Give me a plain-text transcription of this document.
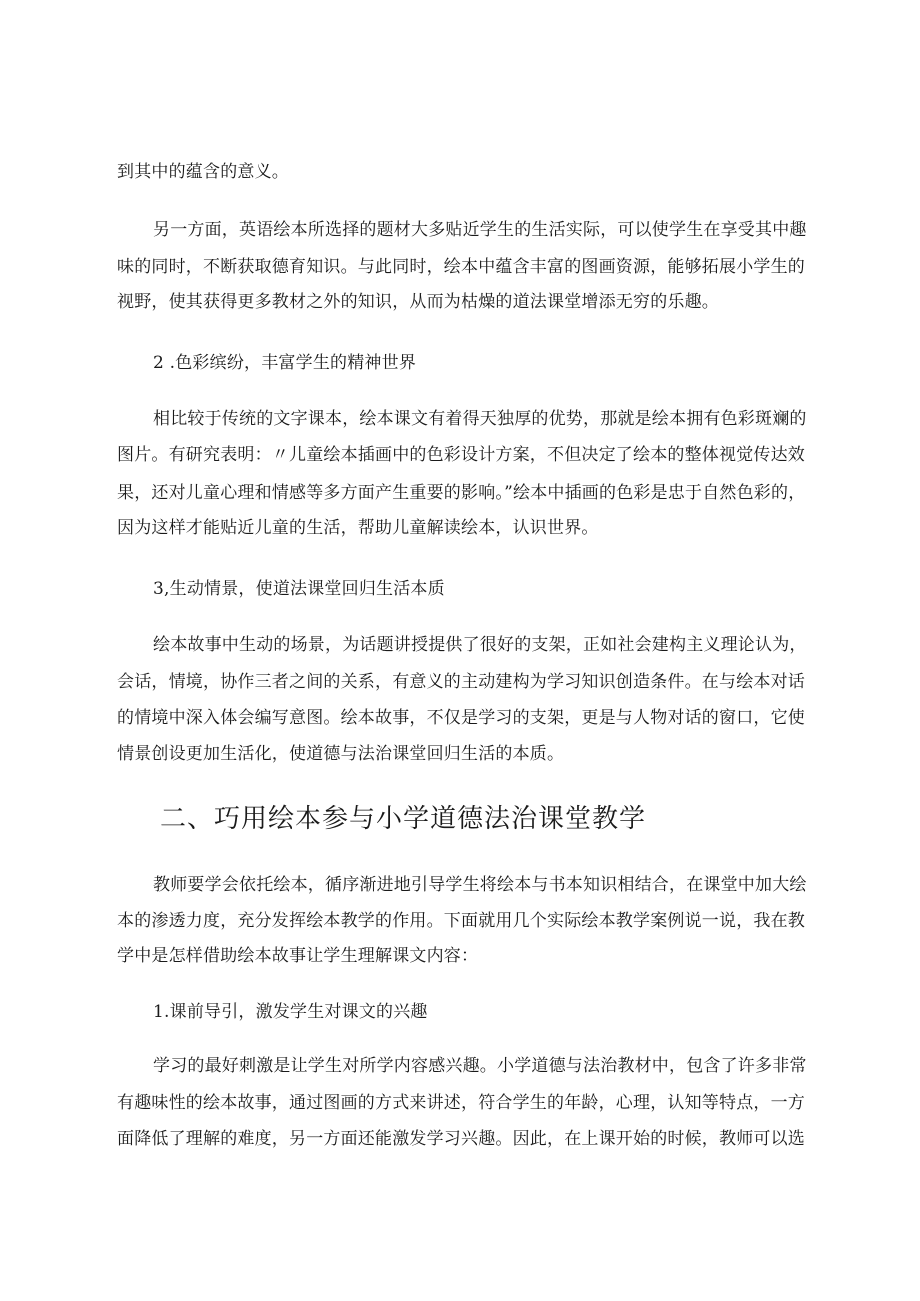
到其中的蕴含的意义。
另一方面，英语绘本所选择的题材大多贴近学生的生活实际，可以使学生在享受其中趣
味的同时，不断获取德育知识。与此同时，绘本中蕴含丰富的图画资源，能够拓展小学生的
视野，使其获得更多教材之外的知识，从而为枯燥的道法课堂增添无穷的乐趣。
2 .色彩缤纷，丰富学生的精神世界
相比较于传统的文字课本，绘本课文有着得天独厚的优势，那就是绘本拥有色彩斑斓的
图片。有研究表明：〃儿童绘本插画中的色彩设计方案，不但决定了绘本的整体视觉传达效
果，还对儿童心理和情感等多方面产生重要的影响。”绘本中插画的色彩是忠于自然色彩的，
因为这样才能贴近儿童的生活，帮助儿童解读绘本，认识世界。
3,生动情景，使道法课堂回归生活本质
绘本故事中生动的场景，为话题讲授提供了很好的支架，正如社会建构主义理论认为，
会话，情境，协作三者之间的关系，有意义的主动建构为学习知识创造条件。在与绘本对话
的情境中深入体会编写意图。绘本故事，不仅是学习的支架，更是与人物对话的窗口，它使
情景创设更加生活化，使道德与法治课堂回归生活的本质。
二、巧用绘本参与小学道德法治课堂教学
教师要学会依托绘本，循序渐进地引导学生将绘本与书本知识相结合，在课堂中加大绘
本的渗透力度，充分发挥绘本教学的作用。下面就用几个实际绘本教学案例说一说，我在教
学中是怎样借助绘本故事让学生理解课文内容：
1.课前导引，激发学生对课文的兴趣
学习的最好刺激是让学生对所学内容感兴趣。小学道德与法治教材中，包含了许多非常
有趣味性的绘本故事，通过图画的方式来讲述，符合学生的年龄，心理，认知等特点，一方
面降低了理解的难度，另一方面还能激发学习兴趣。因此，在上课开始的时候，教师可以选
